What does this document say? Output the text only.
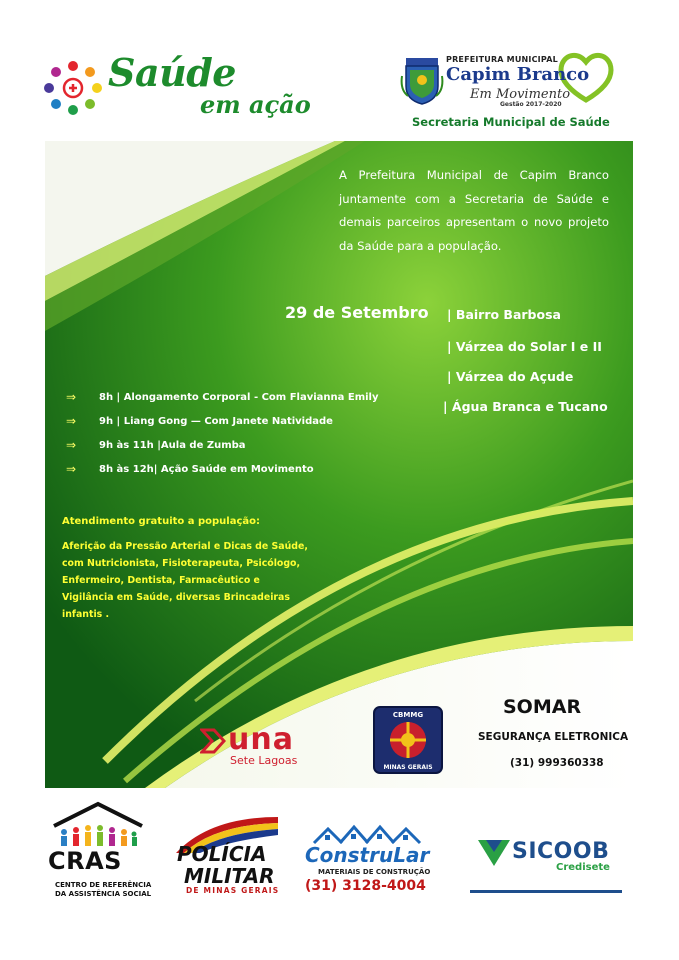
Saúde
em ação
PREFEITURA MUNICIPAL
Capim Branco
Em Movimento
Gestão 2017-2020
Secretaria Municipal de Saúde
A Prefeitura Municipal de Capim Branco juntamente com a Secretaria de Saúde e demais parceiros apresentam o novo projeto da Saúde para a população.
29 de Setembro | Bairro Barbosa
| Várzea do Solar I e II
| Várzea do Açude
| Água Branca e Tucano
⇒ 8h | Alongamento Corporal - Com Flavianna Emily
⇒ 9h | Liang Gong — Com Janete Natividade
⇒ 9h às 11h |Aula de Zumba
⇒ 8h às 12h| Ação Saúde em Movimento
Atendimento gratuito a população:
Aferição da Pressão Arterial e Dicas de Saúde, com Nutricionista, Fisioterapeuta, Psicólogo, Enfermeiro, Dentista, Farmacêutico e Vigilância em Saúde, diversas Brincadeiras infantis .
una
Sete Lagoas
CBMMG
MINAS GERAIS
SOMAR
SEGURANÇA ELETRONICA
(31) 999360338
CRAS
CENTRO DE REFERÊNCIA
DA ASSISTÊNCIA SOCIAL
POLÍCIA
MILITAR
DE MINAS GERAIS
ConstruLar
MATERIAIS DE CONSTRUÇÃO
(31) 3128-4004
SICOOB
Credisete
